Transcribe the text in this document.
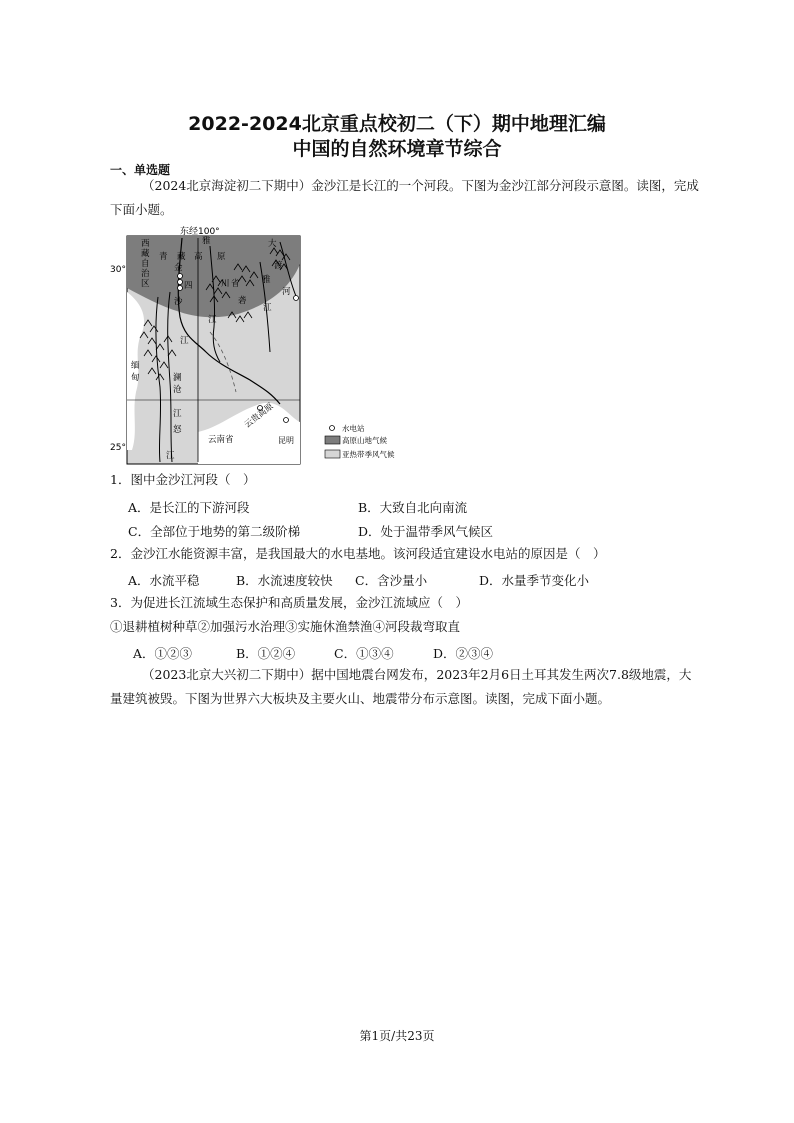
2022-2024北京重点校初二（下）期中地理汇编
中国的自然环境章节综合
一、单选题
（2024北京海淀初二下期中）金沙江是长江的一个河段。下图为金沙江部分河段示意图。读图，完成
下面小题。
东经100°
30°
25°
西
藏
自
治
区
青 藏 高 原
雅
金
四
沙
川 省
大
渡
河
雅
砻
江
江
江
澜
沧
江
怒
江
缅
甸
云贵高原
云南省	昆明
水电站
高原山地气候
亚热带季风气候
1．图中金沙江河段（　）
A．是长江的下游河段	B．大致自北向南流
C．全部位于地势的第二级阶梯	D．处于温带季风气候区
2．金沙江水能资源丰富，是我国最大的水电基地。该河段适宜建设水电站的原因是（　）
A．水流平稳	B．水流速度较快 C．含沙量小	D．水量季节变化小
3．为促进长江流域生态保护和高质量发展，金沙江流域应（　）
①退耕植树种草②加强污水治理③实施休渔禁渔④河段裁弯取直
A．①②③	B．①②④	C．①③④	D．②③④
（2023北京大兴初二下期中）据中国地震台网发布，2023年2月6日土耳其发生两次7.8级地震，大
量建筑被毁。下图为世界六大板块及主要火山、地震带分布示意图。读图，完成下面小题。
第1页/共23页
